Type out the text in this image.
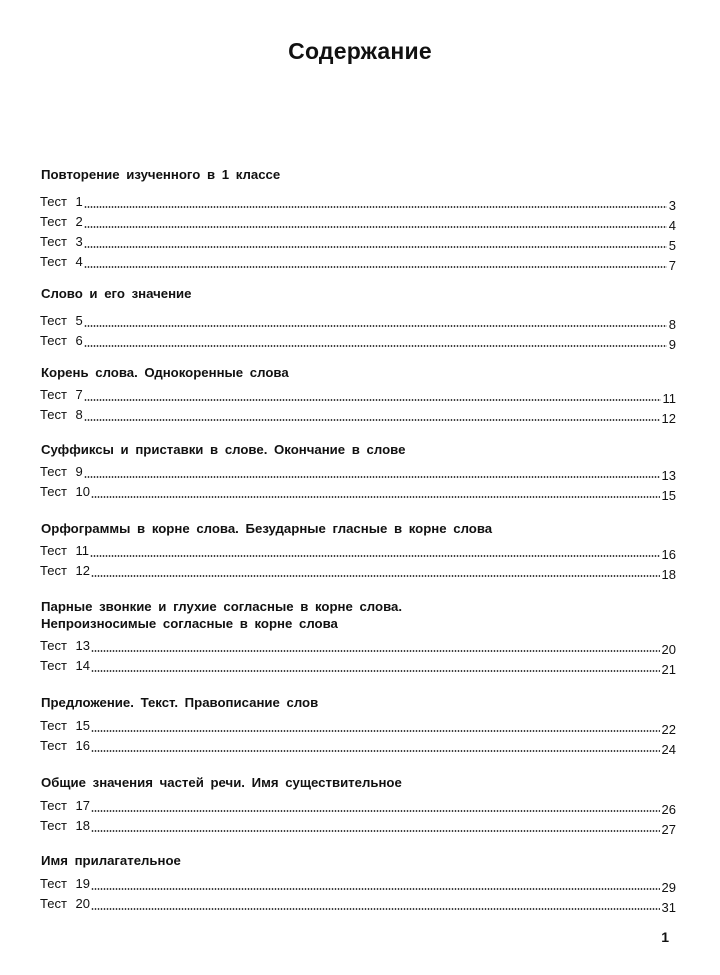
Содержание
Повторение изученного в 1 классе
Тест 1	3
Тест 2	4
Тест 3	5
Тест 4	7
Слово и его значение
Тест 5	8
Тест 6	9
Корень слова. Однокоренные слова
Тест 7	11
Тест 8	12
Суффиксы и приставки в слове. Окончание в слове
Тест 9	13
Тест 10	15
Орфограммы в корне слова. Безударные гласные в корне слова
Тест 11	16
Тест 12	18
Парные звонкие и глухие согласные в корне слова.
Непроизносимые согласные в корне слова
Тест 13	20
Тест 14	21
Предложение. Текст. Правописание слов
Тест 15	22
Тест 16	24
Общие значения частей речи. Имя существительное
Тест 17	26
Тест 18	27
Имя прилагательное
Тест 19	29
Тест 20	31
1
